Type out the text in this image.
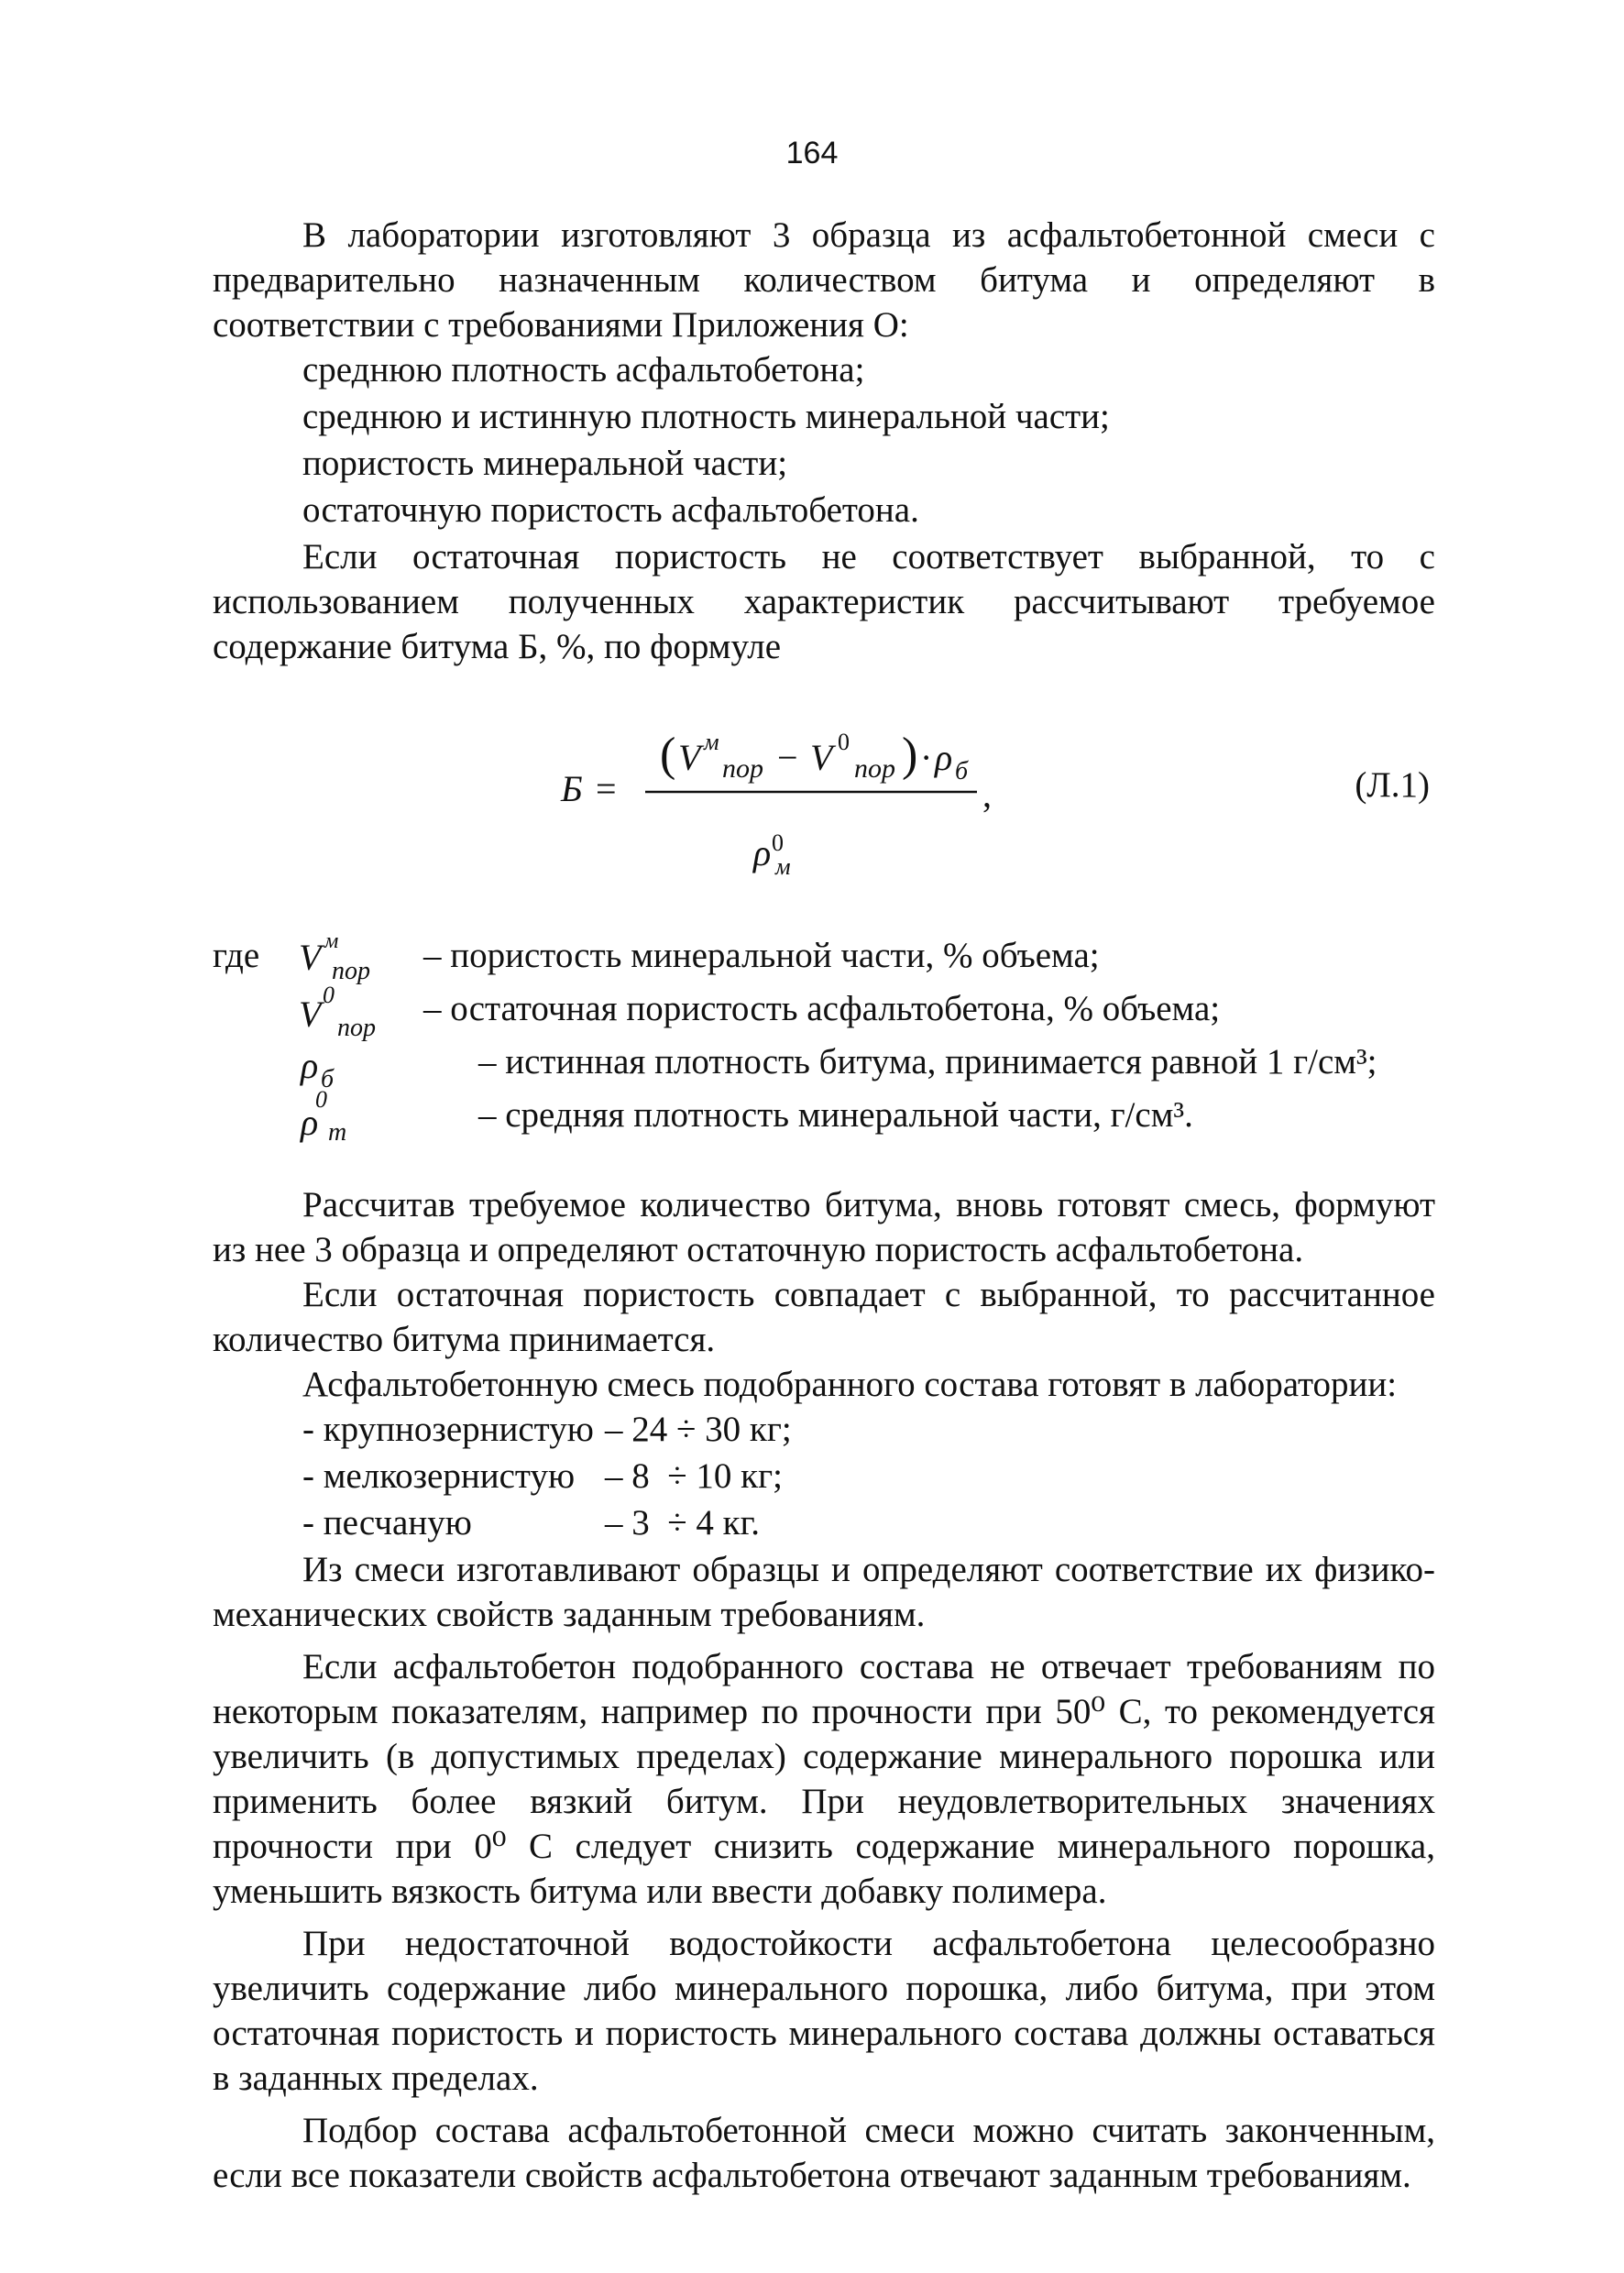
164

В лаборатории изготовляют 3 образца из асфальтобетонной смеси с предварительно назначенным количеством битума и определяют в соответствии с требованиями Приложения О:

среднюю плотность асфальтобетона;
среднюю и истинную плотность минеральной части;
пористость минеральной части;
остаточную пористость асфальтобетона.

Если остаточная пористость не соответствует выбранной, то с использованием полученных характеристик рассчитывают требуемое содержание битума Б, %, по формуле

Б =
( V м
пор − V 0
пор ) · ρ б
0
ρ м
,	(Л.1)
где V м
пор – пористость минеральной части, % объема;
V 0
пор – остаточная пористость асфальтобетона, % объема;
ρ б	– истинная плотность битума, принимается равной 1 г/см³;
0
ρ т	– средняя плотность минеральной части, г/см³.

Рассчитав требуемое количество битума, вновь готовят смесь, формуют из нее 3 образца и определяют остаточную пористость асфальтобетона.

Если остаточная пористость совпадает с выбранной, то рассчитанное количество битума принимается.

Асфальтобетонную смесь подобранного состава готовят в лаборатории:

- крупнозернистую – 24 ÷ 30 кг;
- мелкозернистую – 8  ÷ 10 кг;
- песчаную	– 3  ÷ 4 кг.

Из смеси изготавливают образцы и определяют соответствие их физико-механических свойств заданным требованиям.

Если асфальтобетон подобранного состава не отвечает требованиям по некоторым показателям, например по прочности при 50⁰ С, то рекомендуется увеличить (в допустимых пределах) содержание минерального порошка или применить более вязкий битум. При неудовлетворительных значениях прочности при 0⁰ С следует снизить содержание минерального порошка, уменьшить вязкость битума или ввести добавку полимера.

При недостаточной водостойкости асфальтобетона целесообразно увеличить содержание либо минерального порошка, либо битума, при этом остаточная пористость и пористость минерального состава должны оставаться в заданных пределах.

Подбор состава асфальтобетонной смеси можно считать законченным, если все показатели свойств асфальтобетона отвечают заданным требованиям.
